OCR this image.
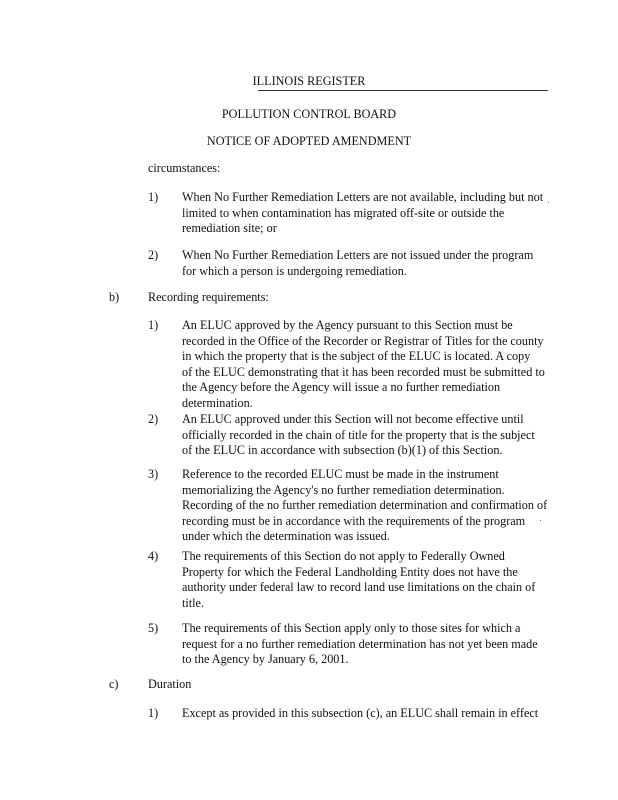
ILLINOIS REGISTER
POLLUTION CONTROL BOARD
NOTICE OF ADOPTED AMENDMENT
circumstances:
1) When No Further Remediation Letters are not available, including but not
limited to when contamination has migrated off-site or outside the
remediation site; or
2) When No Further Remediation Letters are not issued under the program
for which a person is undergoing remediation.
b) Recording requirements:
1) An ELUC approved by the Agency pursuant to this Section must be
recorded in the Office of the Recorder or Registrar of Titles for the county
in which the property that is the subject of the ELUC is located. A copy
of the ELUC demonstrating that it has been recorded must be submitted to
the Agency before the Agency will issue a no further remediation
determination.
2) An ELUC approved under this Section will not become effective until
officially recorded in the chain of title for the property that is the subject
of the ELUC in accordance with subsection (b)(1) of this Section.
3) Reference to the recorded ELUC must be made in the instrument
memorializing the Agency's no further remediation determination.
Recording of the no further remediation determination and confirmation of
recording must be in accordance with the requirements of the program
under which the determination was issued.
4) The requirements of this Section do not apply to Federally Owned
Property for which the Federal Landholding Entity does not have the
authority under federal law to record land use limitations on the chain of
title.
5) The requirements of this Section apply only to those sites for which a
request for a no further remediation determination has not yet been made
to the Agency by January 6, 2001.
c) Duration
1) Except as provided in this subsection (c), an ELUC shall remain in effect
